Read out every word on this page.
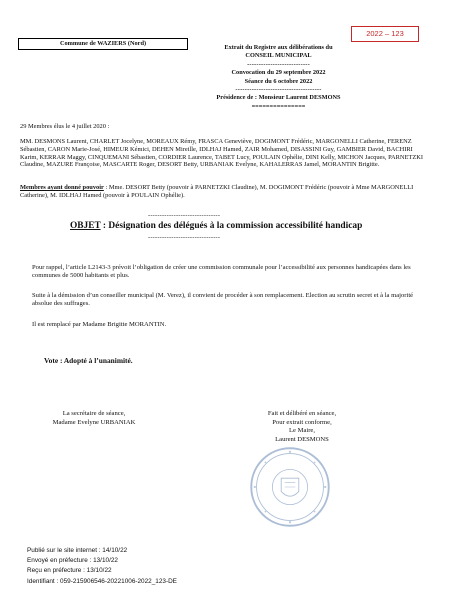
2022 – 123
Commune de WAZIERS (Nord)
Extrait du Registre aux délibérations du
CONSEIL MUNICIPAL
---------------------------
Convocation du 29 septembre 2022
Séance du 6 octobre 2022
-------------------------------------
Présidence de : Monsieur Laurent DESMONS
===============
29 Membres élus le 4 juillet 2020 :
MM. DESMONS Laurent, CHARLET Jocelyne, MOREAUX Rémy, FRASCA Geneviève, DOGIMONT Frédéric, MARGONELLI Catherine, FERENZ Sébastien, CARON Marie-José, HIMEUR Kémici, DEHEN Mireille, IDLHAJ Hamed, ZAIR Mohamed, DISASSINI Guy, GAMBIER David, BACHIRI Karim, KERRAR Maggy, CINQUEMANI Sébastien, CORDIER Laurence, TABET Lucy, POULAIN Ophélie, DINI Kelly, MICHON Jacques, PARNETZKI Claudine, MAZURE Françoise, MASCARTE Roger, DESORT Betty, URBANIAK Evelyne, KAHALERRAS Jamel, MORANTIN Brigitte.
Membres ayant donné pouvoir : Mme. DESORT Betty (pouvoir à PARNETZKI Claudine), M. DOGIMONT Frédéric (pouvoir à Mme MARGONELLI Catherine), M. IDLHAJ Hamed (pouvoir à POULAIN Ophélie).
-------------------------------
OBJET : Désignation des délégués à la commission accessibilité handicap
-------------------------------
Pour rappel, l’article L2143-3 prévoit l’obligation de créer une commission communale pour l’accessibilité aux personnes handicapées dans les communes de 5000 habitants et plus.
Suite à la démission d’un conseiller municipal (M. Verez), il convient de procéder à son remplacement. Election au scrutin secret et à la majorité absolue des suffrages.
Il est remplacé par Madame Brigitte MORANTIN.
Vote : Adopté à l’unanimité.
La secrétaire de séance,
Madame Evelyne URBANIAK
Fait et délibéré en séance,
Pour extrait conforme,
Le Maire,
Laurent DESMONS
Publié sur le site internet : 14/10/22
Envoyé en préfecture : 13/10/22
Reçu en préfecture : 13/10/22
Identifiant : 059-215906546-20221006-2022_123-DE
